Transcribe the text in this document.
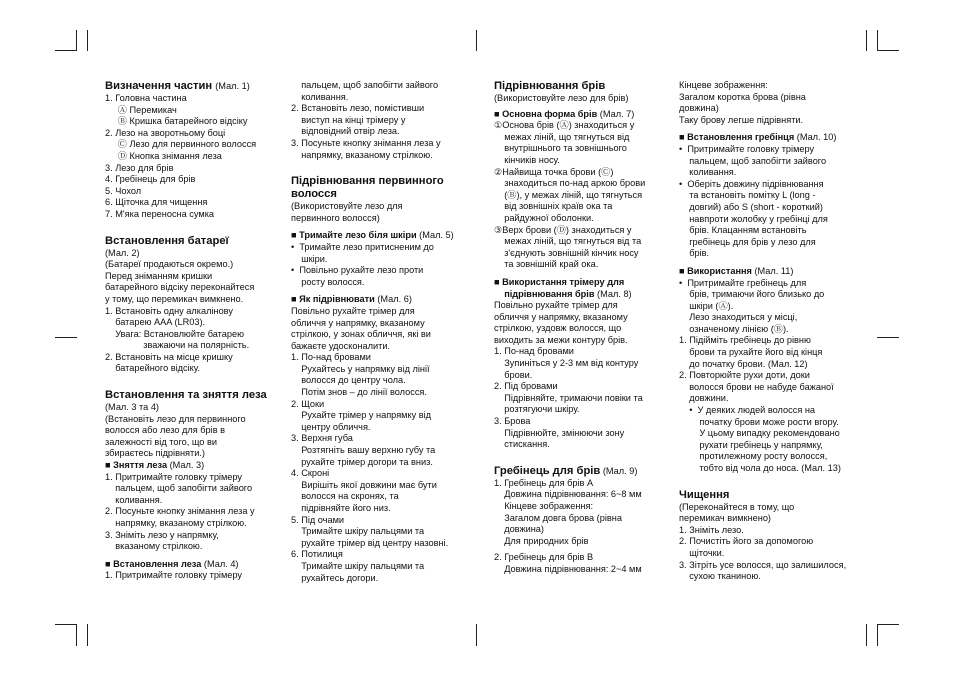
Визначення частин (Мал. 1)

1. Головна частина

Ⓐ Перемикач

Ⓑ Кришка батарейного відсіку

2. Лезо на зворотньому боці

Ⓒ Лезо для первинного волосся

Ⓓ Кнопка знімання леза

3. Лезо для брів

4. Гребінець для брів

5. Чохол

6. Щіточка для чищення

7. М'яка переносна сумка

Встановлення батареї

(Мал. 2)

(Батареї продаються окремо.)

Перед зніманням кришки

батарейного відсіку переконайтеся

у тому, що перемикач вимкнено.

1. Встановіть одну алкалінову

батарею AAA (LR03).

Увага: Встановлюйте батарею

зважаючи на полярність.

2. Встановіть на місце кришку

батарейного відсіку.

Встановлення та зняття леза

(Мал. 3 та 4)

(Встановіть лезо для первинного

волосся або лезо для брів в

залежності від того, що ви

збираєтесь підрівняти.)

■ Зняття леза (Мал. 3)

1. Притримайте головку трімеру

пальцем, щоб запобігти зайвого

коливання.

2. Посуньте кнопку знімання леза у

напрямку, вказаному стрілкою.

3. Зніміть лезо у напрямку,

вказаному стрілкою.

■ Встановлення леза (Мал. 4)

1. Притримайте головку трімеру

пальцем, щоб запобігти зайвого

коливання.

2. Встановіть лезо, помістивши

виступ на кінці трімеру у

відповідний отвір леза.

3. Посуньте кнопку знімання леза у

напрямку, вказаному стрілкою.

Підрівнювання первинного
волосся

(Використовуйте лезо для

первинного волосся)

■ Тримайте лезо біля шкіри (Мал. 5)

•  Тримайте лезо притисненим до

шкіри.

•  Повільно рухайте лезо проти

росту волосся.

■ Як підрівнювати (Мал. 6)

Повільно рухайте трімер для

обличчя у напрямку, вказаному

стрілкою, у зонах обличчя, які ви

бажаєте удосконалити.

1. По-над бровами

Рухайтесь у напрямку від лінії

волосся до центру чола.

Потім знов – до лінії волосся.

2. Щоки

Рухайте трімер у напрямку від

центру обличчя.

3. Верхня губа

Розтягніть вашу верхню губу та

рухайте трімер догори та вниз.

4. Скроні

Вирішіть якої довжини має бути

волосся на скронях, та

підрівняйте його низ.

5. Під очами

Тримайте шкіру пальцями та

рухайте трімер від центру назовні.

6. Потилиця

Тримайте шкіру пальцями та

рухайтесь догори.

Підрівнювання брів

(Використовуйте лезо для брів)

■ Основна форма брів (Мал. 7)

①Основа брів (Ⓐ) знаходиться у

межах ліній, що тягнуться від

внутрішнього та зовнішнього

кінчиків носу.

②Найвища точка брови (Ⓒ)

знаходиться по-над аркою брови

(Ⓑ), у межах ліній, що тягнуться

від зовнішніх країв ока та

райдужної оболонки.

③Верх брови (Ⓓ) знаходиться у

межах ліній, що тягнуться від та

з'єднують зовнішній кінчик носу

та зовнішній край ока.

■ Використання трімеру для

підрівнювання брів (Мал. 8)

Повільно рухайте трімер для

обличчя у напрямку, вказаному

стрілкою, уздовж волосся, що

виходить за межи контуру брів.

1. По-над бровами

Зупиніться у 2-3 мм від контуру

брови.

2. Під бровами

Підрівняйте, тримаючи повіки та

розтягуючи шкіру.

3. Брова

Підрівнюйте, змінюючи зону

стискання.

Гребінець для брів (Мал. 9)

1. Гребінець для брів A

Довжина підрівнювання: 6~8 мм

Кінцеве зображення:

Загалом довга брова (рівна

довжина)

Для природних брів

2. Гребінець для брів B

Довжина підрівнювання: 2~4 мм

Кінцеве зображення:

Загалом коротка брова (рівна

довжина)

Таку брову легше підрівняти.

■ Встановлення гребінця (Мал. 10)

•  Притримайте головку трімеру

пальцем, щоб запобігти зайвого

коливання.

•  Оберіть довжину підрівнювання

та встановіть помітку L (long -

довгий) або S (short - короткий)

навпроти жолобку у гребінці для

брів. Клацанням встановіть

гребінець для брів у лезо для

брів.

■ Використання (Мал. 11)

•  Притримайте гребінець для

брів, тримаючи його близько до

шкіри (Ⓐ).

Лезо знаходиться у місці,

означеному лінією (Ⓑ).

1. Підійміть гребінець до рівню

брови та рухайте його від кінця

до початку брови. (Мал. 12)

2. Повторюйте рухи доти, доки

волосся брови не набуде бажаної

довжини.

•  У деяких людей волосся на

початку брови може рости вгору.

У цьому випадку рекомендовано

рухати гребінець у напрямку,

протилежному росту волосся,

тобто від чола до носа. (Мал. 13)

Чищення

(Переконайтеся в тому, що

перемикач вимкнено)

1. Зніміть лезо.

2. Почистіть його за допомогою

щіточки.

3. Зітріть усе волосся, що залишилося,

сухою тканиною.
